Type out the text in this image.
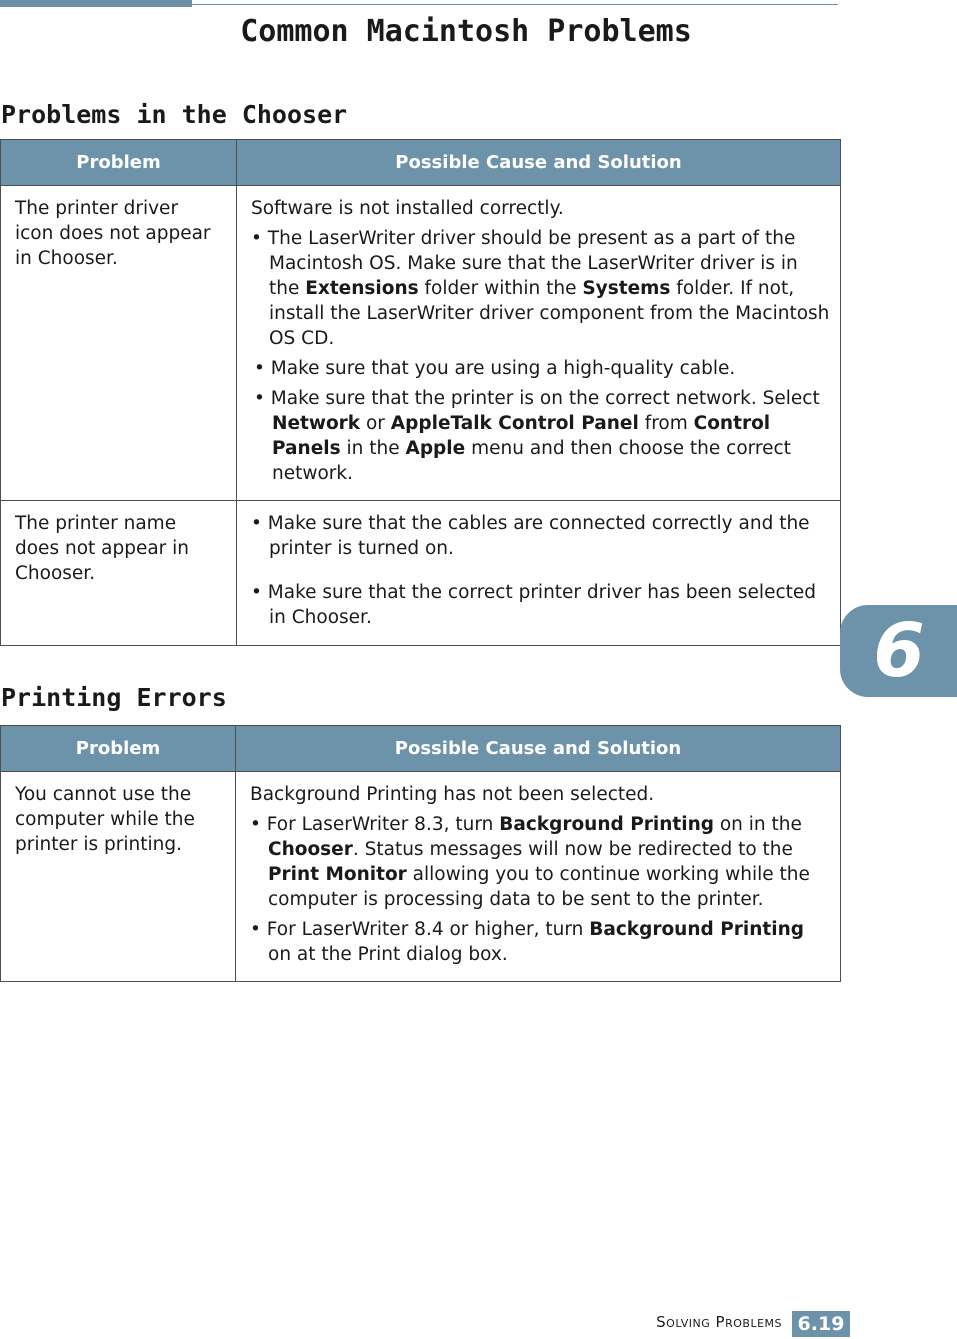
Common Macintosh Problems
Problems in the Chooser
Problem	Possible Cause and Solution
The printer driver icon does not appear in Chooser.	Software is not installed correctly.

• The LaserWriter driver should be present as a part of the Macintosh OS. Make sure that the LaserWriter driver is in the Extensions folder within the Systems folder. If not, install the LaserWriter driver component from the Macintosh OS CD.

• Make sure that you are using a high-quality cable.

• Make sure that the printer is on the correct network. Select Network or AppleTalk Control Panel from Control Panels in the Apple menu and then choose the correct network.

The printer name does not appear in Chooser.	• Make sure that the cables are connected correctly and the printer is turned on.

• Make sure that the correct printer driver has been selected in Chooser.

Printing Errors
Problem	Possible Cause and Solution
You cannot use the computer while the printer is printing.	Background Printing has not been selected.

• For LaserWriter 8.3, turn Background Printing on in the Chooser. Status messages will now be redirected to the Print Monitor allowing you to continue working while the computer is processing data to be sent to the printer.

• For LaserWriter 8.4 or higher, turn Background Printing on at the Print dialog box.

6
Solving Problems 6.19
